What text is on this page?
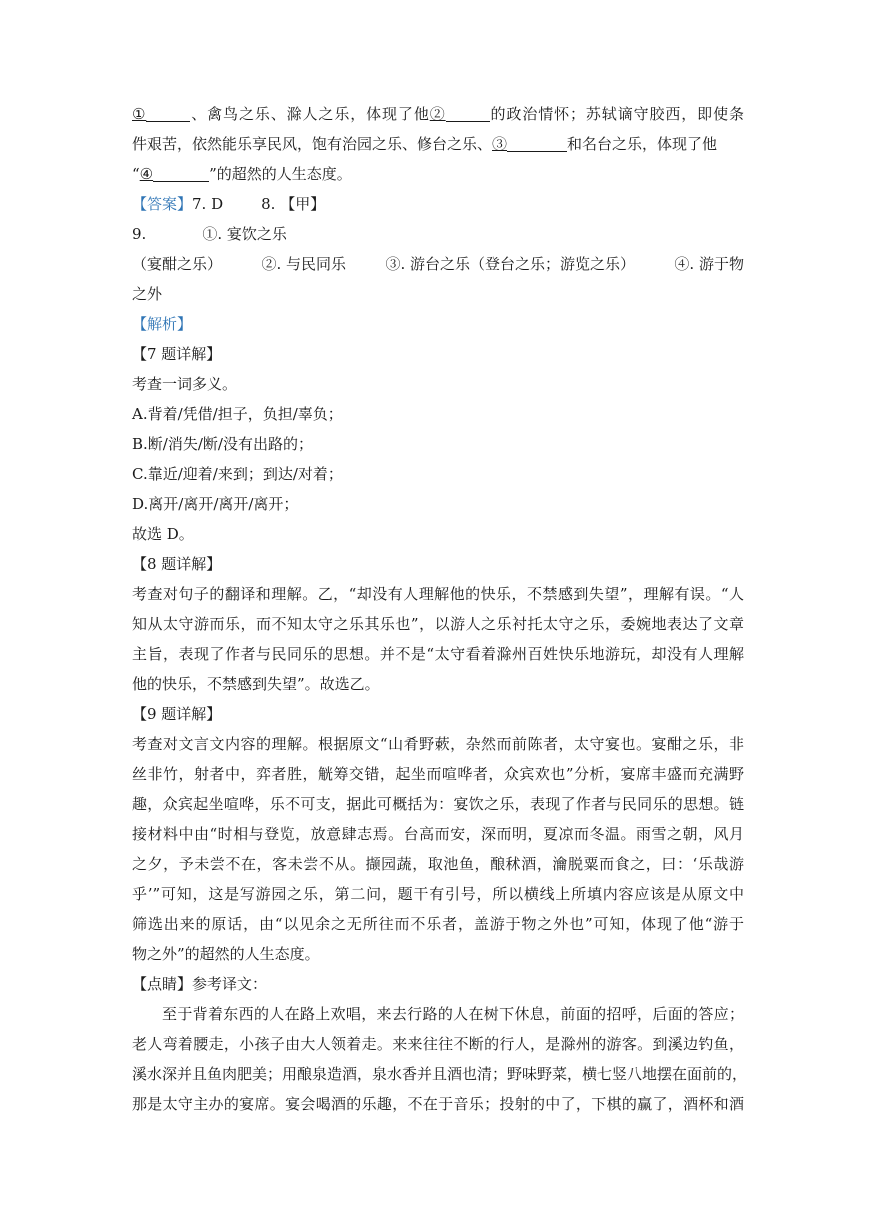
①	、禽鸟之乐、滁人之乐，体现了他②	的政治情怀；苏轼谪守胶西，即使条
件艰苦，依然能乐享民风，饱有治园之乐、修台之乐、③	和名台之乐，体现了他
“④	”的超然的人生态度。
【答案】7. D	8. 【甲】
9.	①. 宴饮之乐
（宴酣之乐）	②. 与民同乐	③. 游台之乐（登台之乐；游览之乐）	④. 游于物
之外
【解析】
【7 题详解】
考查一词多义。
A.背着/凭借/担子，负担/辜负；
B.断/消失/断/没有出路的；
C.靠近/迎着/来到；到达/对着；
D.离开/离开/离开/离开；
故选 D。
【8 题详解】
考查对句子的翻译和理解。乙，“却没有人理解他的快乐，不禁感到失望”，理解有误。“人
知从太守游而乐，而不知太守之乐其乐也”，以游人之乐衬托太守之乐，委婉地表达了文章
主旨，表现了作者与民同乐的思想。并不是“太守看着滁州百姓快乐地游玩，却没有人理解
他的快乐，不禁感到失望”。故选乙。
【9 题详解】
考查对文言文内容的理解。根据原文“山肴野蔌，杂然而前陈者，太守宴也。宴酣之乐，非
丝非竹，射者中，弈者胜，觥筹交错，起坐而喧哗者，众宾欢也”分析，宴席丰盛而充满野
趣，众宾起坐喧哗，乐不可支，据此可概括为：宴饮之乐，表现了作者与民同乐的思想。链
接材料中由“时相与登览，放意肆志焉。台高而安，深而明，夏凉而冬温。雨雪之朝，风月
之夕，予未尝不在，客未尝不从。撷园蔬，取池鱼，酿秫酒，瀹脱粟而食之，曰：‘乐哉游
乎’”可知，这是写游园之乐，第二问，题干有引号，所以横线上所填内容应该是从原文中
筛选出来的原话，由“以见余之无所往而不乐者，盖游于物之外也”可知，体现了他“游于
物之外”的超然的人生态度。
【点睛】参考译文：
至于背着东西的人在路上欢唱，来去行路的人在树下休息，前面的招呼，后面的答应；
老人弯着腰走，小孩子由大人领着走。来来往往不断的行人，是滁州的游客。到溪边钓鱼，
溪水深并且鱼肉肥美；用酿泉造酒，泉水香并且酒也清；野味野菜，横七竖八地摆在面前的，
那是太守主办的宴席。宴会喝酒的乐趣，不在于音乐；投射的中了，下棋的赢了，酒杯和酒
